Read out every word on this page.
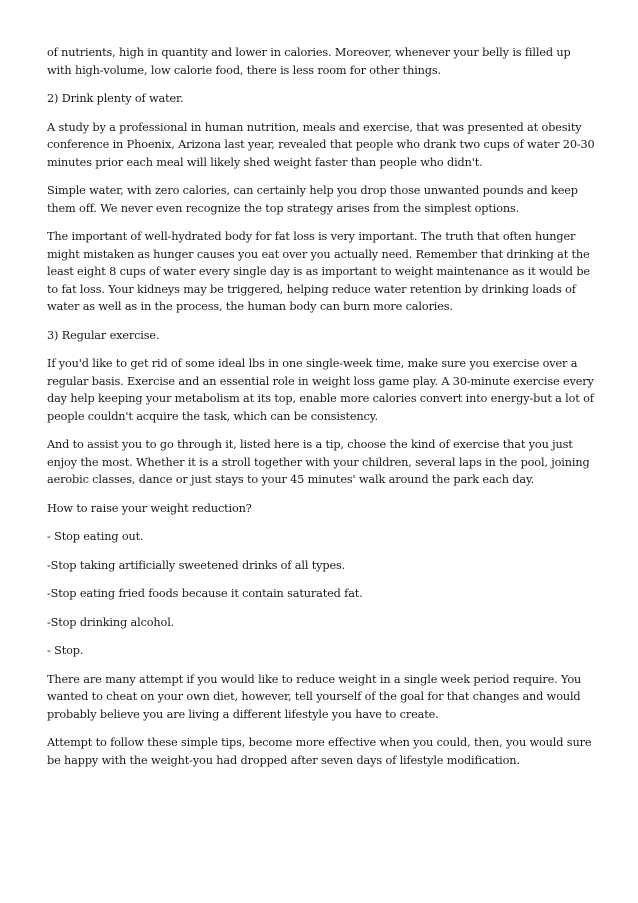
of nutrients, high in quantity and lower in calories. Moreover, whenever your belly is filled up with high-volume, low calorie food, there is less room for other things.

2) Drink plenty of water.

A study by a professional in human nutrition, meals and exercise, that was presented at obesity conference in Phoenix, Arizona last year, revealed that people who drank two cups of water 20-30 minutes prior each meal will likely shed weight faster than people who didn't.

Simple water, with zero calories, can certainly help you drop those unwanted pounds and keep them off. We never even recognize the top strategy arises from the simplest options.

The important of well-hydrated body for fat loss is very important. The truth that often hunger might mistaken as hunger causes you eat over you actually need. Remember that drinking at the least eight 8 cups of water every single day is as important to weight maintenance as it would be to fat loss. Your kidneys may be triggered, helping reduce water retention by drinking loads of water as well as in the process, the human body can burn more calories.

3) Regular exercise.

If you'd like to get rid of some ideal lbs in one single-week time, make sure you exercise over a regular basis. Exercise and an essential role in weight loss game play. A 30-minute exercise every day help keeping your metabolism at its top, enable more calories convert into energy-but a lot of people couldn't acquire the task, which can be consistency.

And to assist you to go through it, listed here is a tip, choose the kind of exercise that you just enjoy the most. Whether it is a stroll together with your children, several laps in the pool, joining aerobic classes, dance or just stays to your 45 minutes' walk around the park each day.

How to raise your weight reduction?

- Stop eating out.

-Stop taking artificially sweetened drinks of all types.

-Stop eating fried foods because it contain saturated fat.

-Stop drinking alcohol.

- Stop.

There are many attempt if you would like to reduce weight in a single week period require. You wanted to cheat on your own diet, however, tell yourself of the goal for that changes and would probably believe you are living a different lifestyle you have to create.

Attempt to follow these simple tips, become more effective when you could, then, you would sure be happy with the weight-you had dropped after seven days of lifestyle modification.
